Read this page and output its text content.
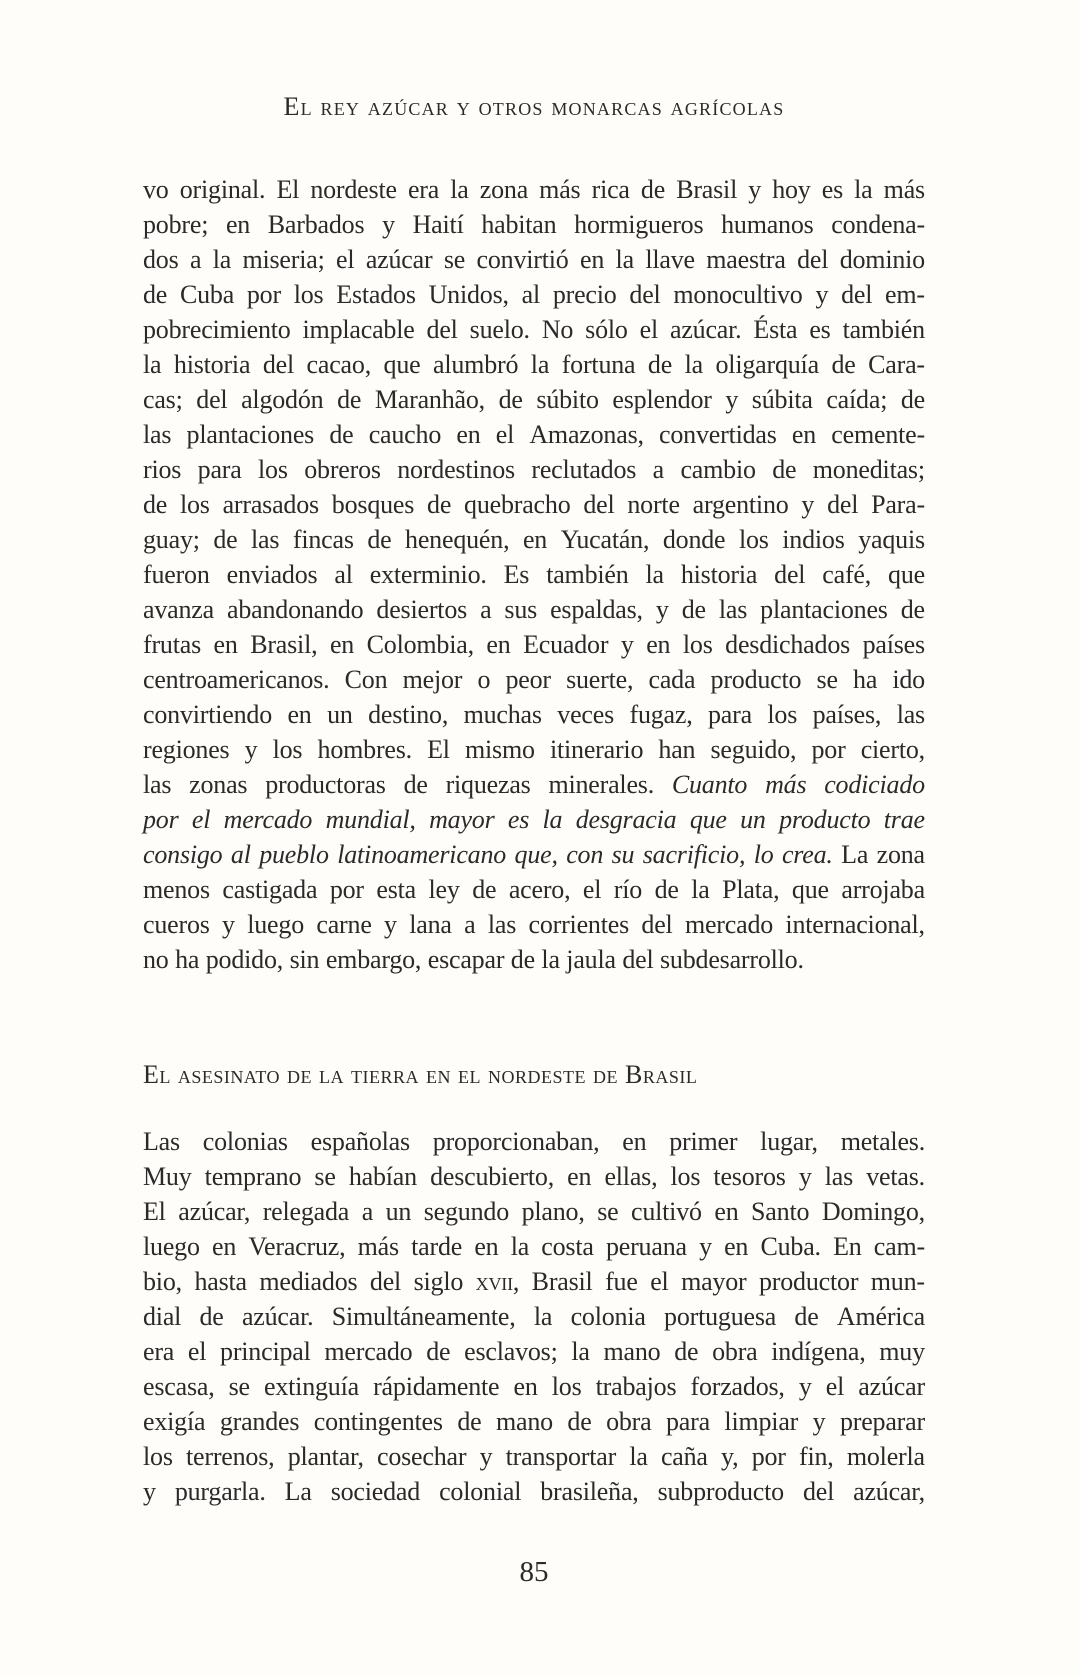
El rey azúcar y otros monarcas agrícolas
vo original. El nordeste era la zona más rica de Brasil y hoy es la más
pobre; en Barbados y Haití habitan hormigueros humanos condena-
dos a la miseria; el azúcar se convirtió en la llave maestra del dominio
de Cuba por los Estados Unidos, al precio del monocultivo y del em-
pobrecimiento implacable del suelo. No sólo el azúcar. Ésta es también
la historia del cacao, que alumbró la fortuna de la oligarquía de Cara-
cas; del algodón de Maranhão, de súbito esplendor y súbita caída; de
las plantaciones de caucho en el Amazonas, convertidas en cemente-
rios para los obreros nordestinos reclutados a cambio de moneditas;
de los arrasados bosques de quebracho del norte argentino y del Para-
guay; de las fincas de henequén, en Yucatán, donde los indios yaquis
fueron enviados al exterminio. Es también la historia del café, que
avanza abandonando desiertos a sus espaldas, y de las plantaciones de
frutas en Brasil, en Colombia, en Ecuador y en los desdichados países
centroamericanos. Con mejor o peor suerte, cada producto se ha ido
convirtiendo en un destino, muchas veces fugaz, para los países, las
regiones y los hombres. El mismo itinerario han seguido, por cierto,
las zonas productoras de riquezas minerales. Cuanto más codiciado
por el mercado mundial, mayor es la desgracia que un producto trae
consigo al pueblo latinoamericano que, con su sacrificio, lo crea. La zona
menos castigada por esta ley de acero, el río de la Plata, que arrojaba
cueros y luego carne y lana a las corrientes del mercado internacional,
no ha podido, sin embargo, escapar de la jaula del subdesarrollo.
El asesinato de la tierra en el nordeste de Brasil
Las colonias españolas proporcionaban, en primer lugar, metales.
Muy temprano se habían descubierto, en ellas, los tesoros y las vetas.
El azúcar, relegada a un segundo plano, se cultivó en Santo Domingo,
luego en Veracruz, más tarde en la costa peruana y en Cuba. En cam-
bio, hasta mediados del siglo xvii, Brasil fue el mayor productor mun-
dial de azúcar. Simultáneamente, la colonia portuguesa de América
era el principal mercado de esclavos; la mano de obra indígena, muy
escasa, se extinguía rápidamente en los trabajos forzados, y el azúcar
exigía grandes contingentes de mano de obra para limpiar y preparar
los terrenos, plantar, cosechar y transportar la caña y, por fin, molerla
y purgarla. La sociedad colonial brasileña, subproducto del azúcar,
85
